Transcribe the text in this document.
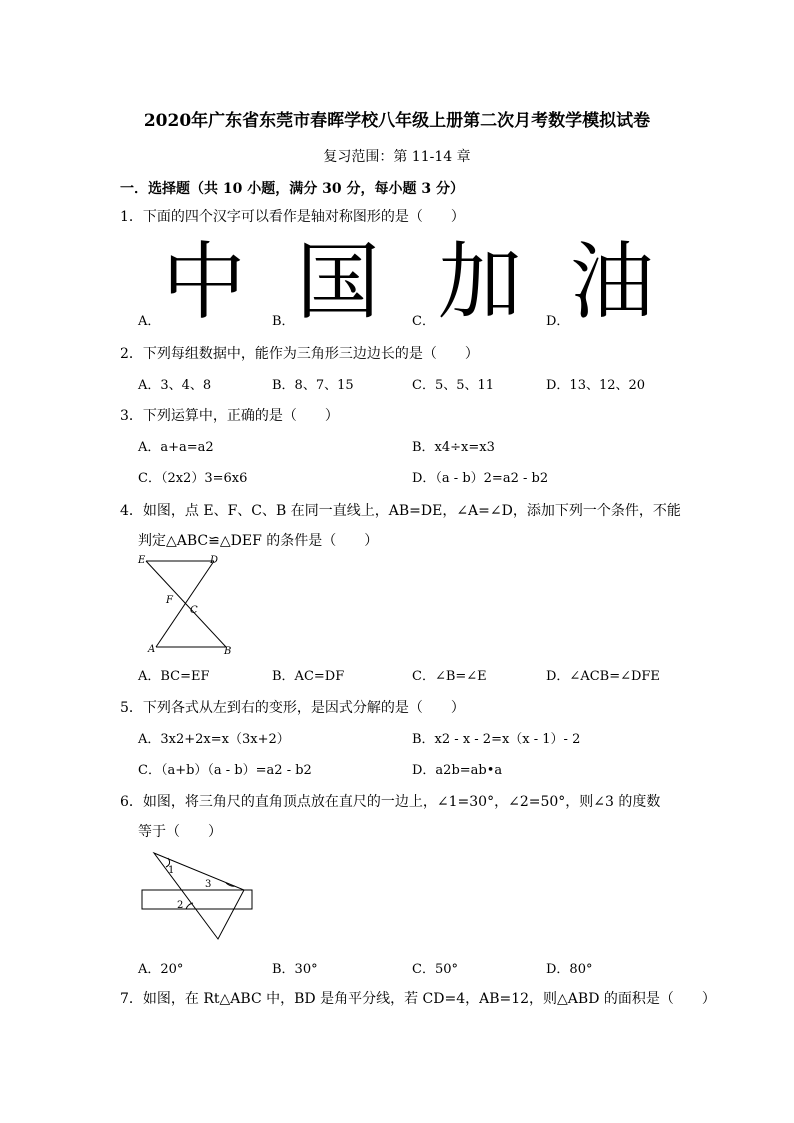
2020年广东省东莞市春晖学校八年级上册第二次月考数学模拟试卷
复习范围：第 11-14 章
一．选择题（共 10 小题，满分 30 分，每小题 3 分）
1．下面的四个汉字可以看作是轴对称图形的是（　　）
中 国 加 油
A．	B．	C．	D．
2．下列每组数据中，能作为三角形三边边长的是（　　）
A．3、4、8	B．8、7、15	C．5、5、11	D．13、12、20
3．下列运算中，正确的是（　　）
A．a+a=a2	B．x4÷x=x3
C．（2x2）3=6x6	D．（a - b）2=a2 - b2
4．如图，点 E、F、C、B 在同一直线上，AB=DE，∠A=∠D，添加下列一个条件，不能
判定△ABC≌△DEF 的条件是（　　）
E	D
F
C
A	B
A．BC=EF	B．AC=DF	C．∠B=∠E	D．∠ACB=∠DFE
5．下列各式从左到右的变形，是因式分解的是（　　）
A．3x2+2x=x（3x+2）	B．x2 - x - 2=x（x - 1）- 2
C．（a+b）（a - b）=a2 - b2	D．a2b=ab•a
6．如图，将三角尺的直角顶点放在直尺的一边上，∠1=30°，∠2=50°，则∠3 的度数
等于（　　）
1
3
2
A．20°	B．30°	C．50°	D．80°
7．如图，在 Rt△ABC 中，BD 是角平分线，若 CD=4，AB=12，则△ABD 的面积是（　　）
